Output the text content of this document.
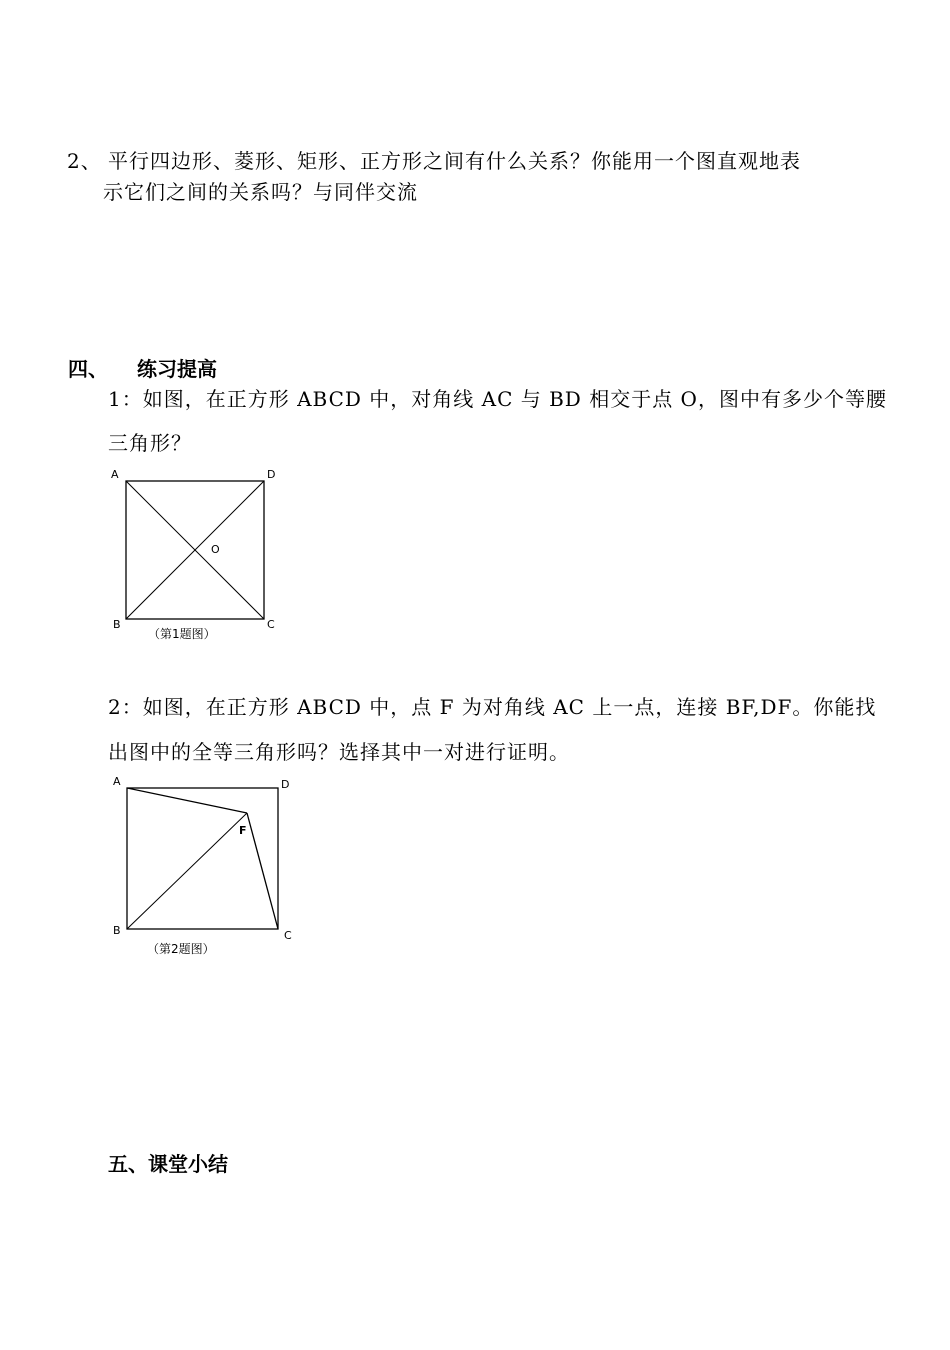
2、 平行四边形、菱形、矩形、正方形之间有什么关系？你能用一个图直观地表
示它们之间的关系吗？与同伴交流
四、 练习提高
1：如图，在正方形 ABCD 中，对角线 AC 与 BD 相交于点 O，图中有多少个等腰
三角形？
A	D
O
B	C
（第1题图）
2：如图，在正方形 ABCD 中，点 F 为对角线 AC 上一点，连接 BF,DF。你能找
出图中的全等三角形吗？选择其中一对进行证明。
A	D
F
B	C
（第2题图）
五、课堂小结
